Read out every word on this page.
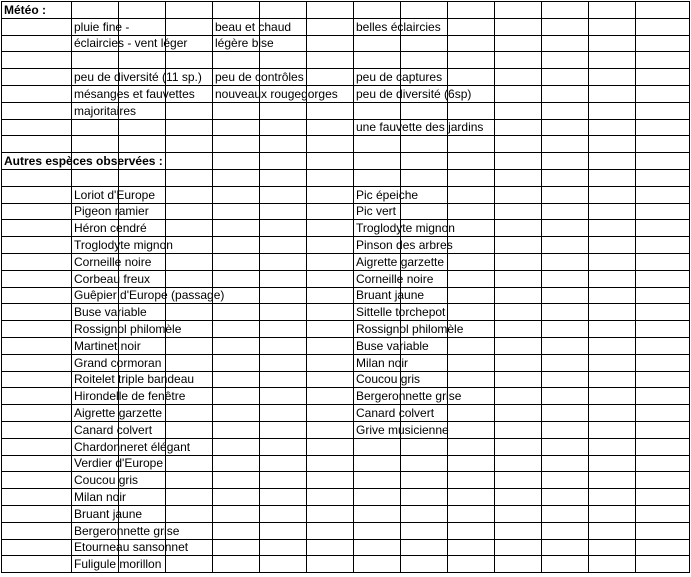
Météo :													
	pluie fine -			beau et chaud			belles éclaircies						
	éclaircies - vent léger			légère bise									

	peu de diversité (11 sp.)			peu de contrôles			peu de captures						
	mésanges et fauvettes			nouveaux rougegorges			peu de diversité (6sp)						
	majoritaires												
							une fauvette des jardins						

Autres espèces observées :													

	Loriot d'Europe						Pic épeiche						
	Pigeon ramier						Pic vert						
	Héron cendré						Troglodyte mignon						
	Troglodyte mignon						Pinson des arbres						
	Corneille noire						Aigrette garzette						
	Corbeau freux						Corneille noire						
	Guêpier d'Europe (passage)						Bruant jaune						
	Buse variable						Sittelle torchepot						
	Rossignol philomèle						Rossignol philomèle						
	Martinet noir						Buse variable						
	Grand cormoran						Milan noir						
	Roitelet triple bandeau						Coucou gris						
	Hirondelle de fenêtre						Bergeronnette grise						
	Aigrette garzette						Canard colvert						
	Canard colvert						Grive musicienne						
	Chardonneret élégant												
	Verdier d'Europe												
	Coucou gris												
	Milan noir												
	Bruant jaune												
	Bergeronnette grise												
	Etourneau sansonnet												
	Fuligule morillon												
